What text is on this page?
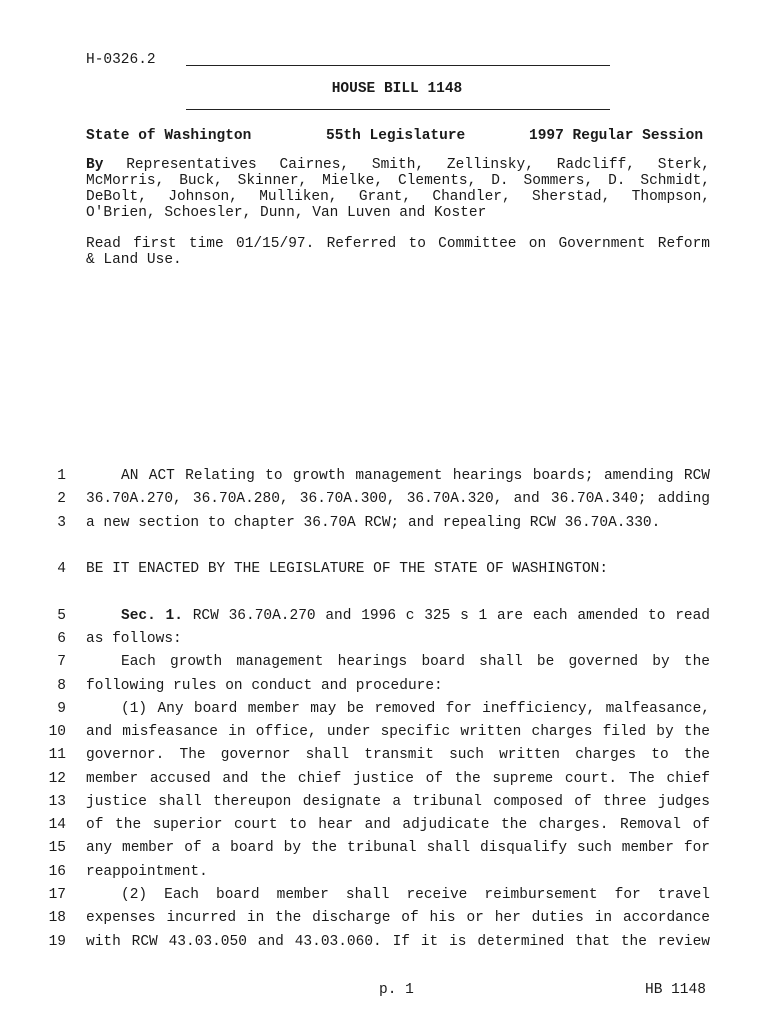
H-0326.2
HOUSE BILL 1148
State of Washington	55th Legislature	1997 Regular Session
By Representatives Cairnes, Smith, Zellinsky, Radcliff, Sterk,
McMorris, Buck, Skinner, Mielke, Clements, D. Sommers, D. Schmidt,
DeBolt, Johnson, Mulliken, Grant, Chandler, Sherstad, Thompson,
O'Brien, Schoesler, Dunn, Van Luven and Koster
Read first time 01/15/97. Referred to Committee on Government Reform
& Land Use.
1	AN ACT Relating to growth management hearings boards; amending RCW
2 36.70A.270, 36.70A.280, 36.70A.300, 36.70A.320, and 36.70A.340; adding
3 a new section to chapter 36.70A RCW; and repealing RCW 36.70A.330.
4 BE IT ENACTED BY THE LEGISLATURE OF THE STATE OF WASHINGTON:
5	Sec. 1. RCW 36.70A.270 and 1996 c 325 s 1 are each amended to read
6 as follows:
7	Each growth management hearings board shall be governed by the
8 following rules on conduct and procedure:
9	(1) Any board member may be removed for inefficiency, malfeasance,
10 and misfeasance in office, under specific written charges filed by the
11 governor. The governor shall transmit such written charges to the
12 member accused and the chief justice of the supreme court. The chief
13 justice shall thereupon designate a tribunal composed of three judges
14 of the superior court to hear and adjudicate the charges. Removal of
15 any member of a board by the tribunal shall disqualify such member for
16 reappointment.
17	(2) Each board member shall receive reimbursement for travel
18 expenses incurred in the discharge of his or her duties in accordance
19 with RCW 43.03.050 and 43.03.060. If it is determined that the review
p. 1	HB 1148
